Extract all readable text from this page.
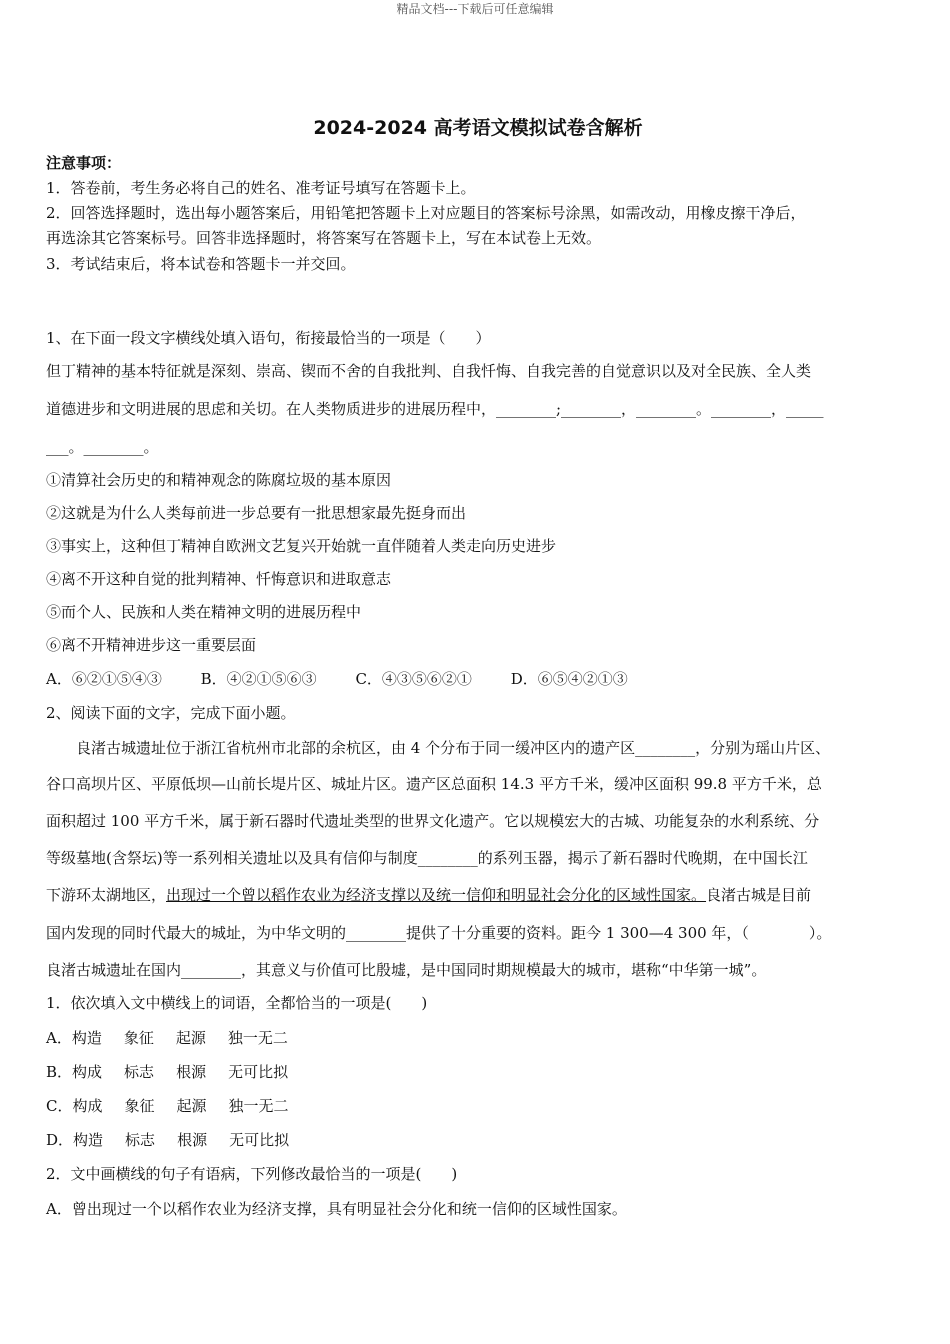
精品文档---下载后可任意编辑
2024-2024 高考语文模拟试卷含解析
注意事项：
1．答卷前，考生务必将自己的姓名、准考证号填写在答题卡上。
2．回答选择题时，选出每小题答案后，用铅笔把答题卡上对应题目的答案标号涂黑，如需改动，用橡皮擦干净后，
再选涂其它答案标号。回答非选择题时，将答案写在答题卡上，写在本试卷上无效。
3．考试结束后，将本试卷和答题卡一并交回。
1、在下面一段文字横线处填入语句，衔接最恰当的一项是（　　）
但丁精神的基本特征就是深刻、崇高、锲而不舍的自我批判、自我忏悔、自我完善的自觉意识以及对全民族、全人类
道德进步和文明进展的思虑和关切。在人类物质进步的进展历程中，________;________，________。________，_____
___。________。
①清算社会历史的和精神观念的陈腐垃圾的基本原因
②这就是为什么人类每前进一步总要有一批思想家最先挺身而出
③事实上，这种但丁精神自欧洲文艺复兴开始就一直伴随着人类走向历史进步
④离不开这种自觉的批判精神、忏悔意识和进取意志
⑤而个人、民族和人类在精神文明的进展历程中
⑥离不开精神进步这一重要层面
A．⑥②①⑤④③	B．④②①⑤⑥③	C．④③⑤⑥②①	D．⑥⑤④②①③
2、阅读下面的文字，完成下面小题。
　　良渚古城遗址位于浙江省杭州市北部的余杭区，由 4 个分布于同一缓冲区内的遗产区________，分别为瑶山片区、
谷口高坝片区、平原低坝—山前长堤片区、城址片区。遗产区总面积 14.3 平方千米，缓冲区面积 99.8 平方千米，总
面积超过 100 平方千米，属于新石器时代遗址类型的世界文化遗产。它以规模宏大的古城、功能复杂的水利系统、分
等级墓地(含祭坛)等一系列相关遗址以及具有信仰与制度________的系列玉器，揭示了新石器时代晚期，在中国长江
下游环太湖地区，出现过一个曾以稻作农业为经济支撑以及统一信仰和明显社会分化的区域性国家。良渚古城是目前
国内发现的同时代最大的城址，为中华文明的________提供了十分重要的资料。距今 1 300—4 300 年，（　　　　）。
良渚古城遗址在国内________，其意义与价值可比殷墟，是中国同时期规模最大的城市，堪称“中华第一城”。
1．依次填入文中横线上的词语，全都恰当的一项是(　　)
A．构造 象征 起源 独一无二
B．构成 标志 根源 无可比拟
C．构成 象征 起源 独一无二
D．构造 标志 根源 无可比拟
2．文中画横线的句子有语病，下列修改最恰当的一项是(　　)
A．曾出现过一个以稻作农业为经济支撑，具有明显社会分化和统一信仰的区域性国家。
